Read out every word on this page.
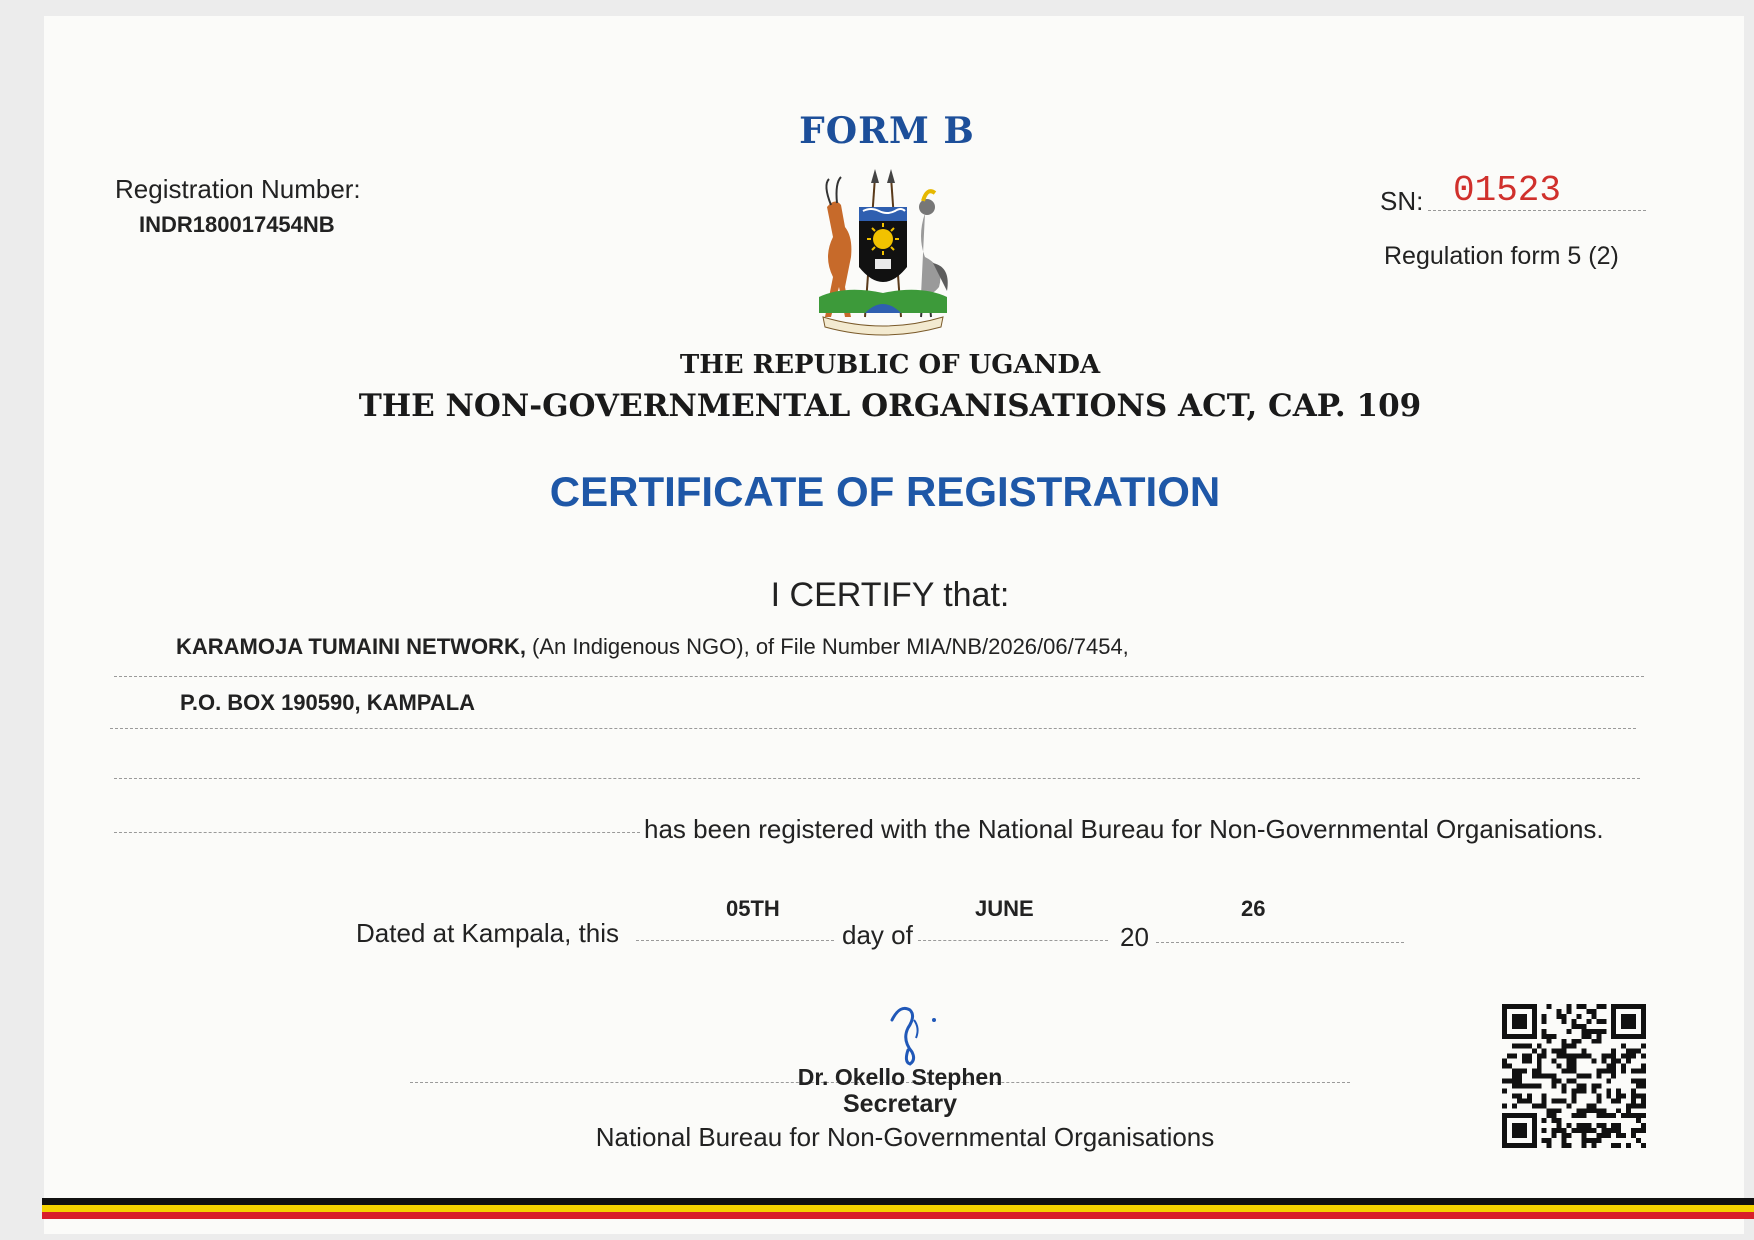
FORM B
Registration Number:
INDR180017454NB
SN: 01523
Regulation form 5 (2)
THE REPUBLIC OF UGANDA
THE NON-GOVERNMENTAL ORGANISATIONS ACT, CAP. 109
CERTIFICATE OF REGISTRATION
I CERTIFY that:
KARAMOJA TUMAINI NETWORK, (An Indigenous NGO), of File Number MIA/NB/2026/06/7454,
P.O. BOX 190590, KAMPALA
has been registered with the National Bureau for Non-Governmental Organisations.
Dated at Kampala, this
05TH
day of
JUNE
20
26
Dr. Okello Stephen
Secretary
National Bureau for Non-Governmental Organisations
